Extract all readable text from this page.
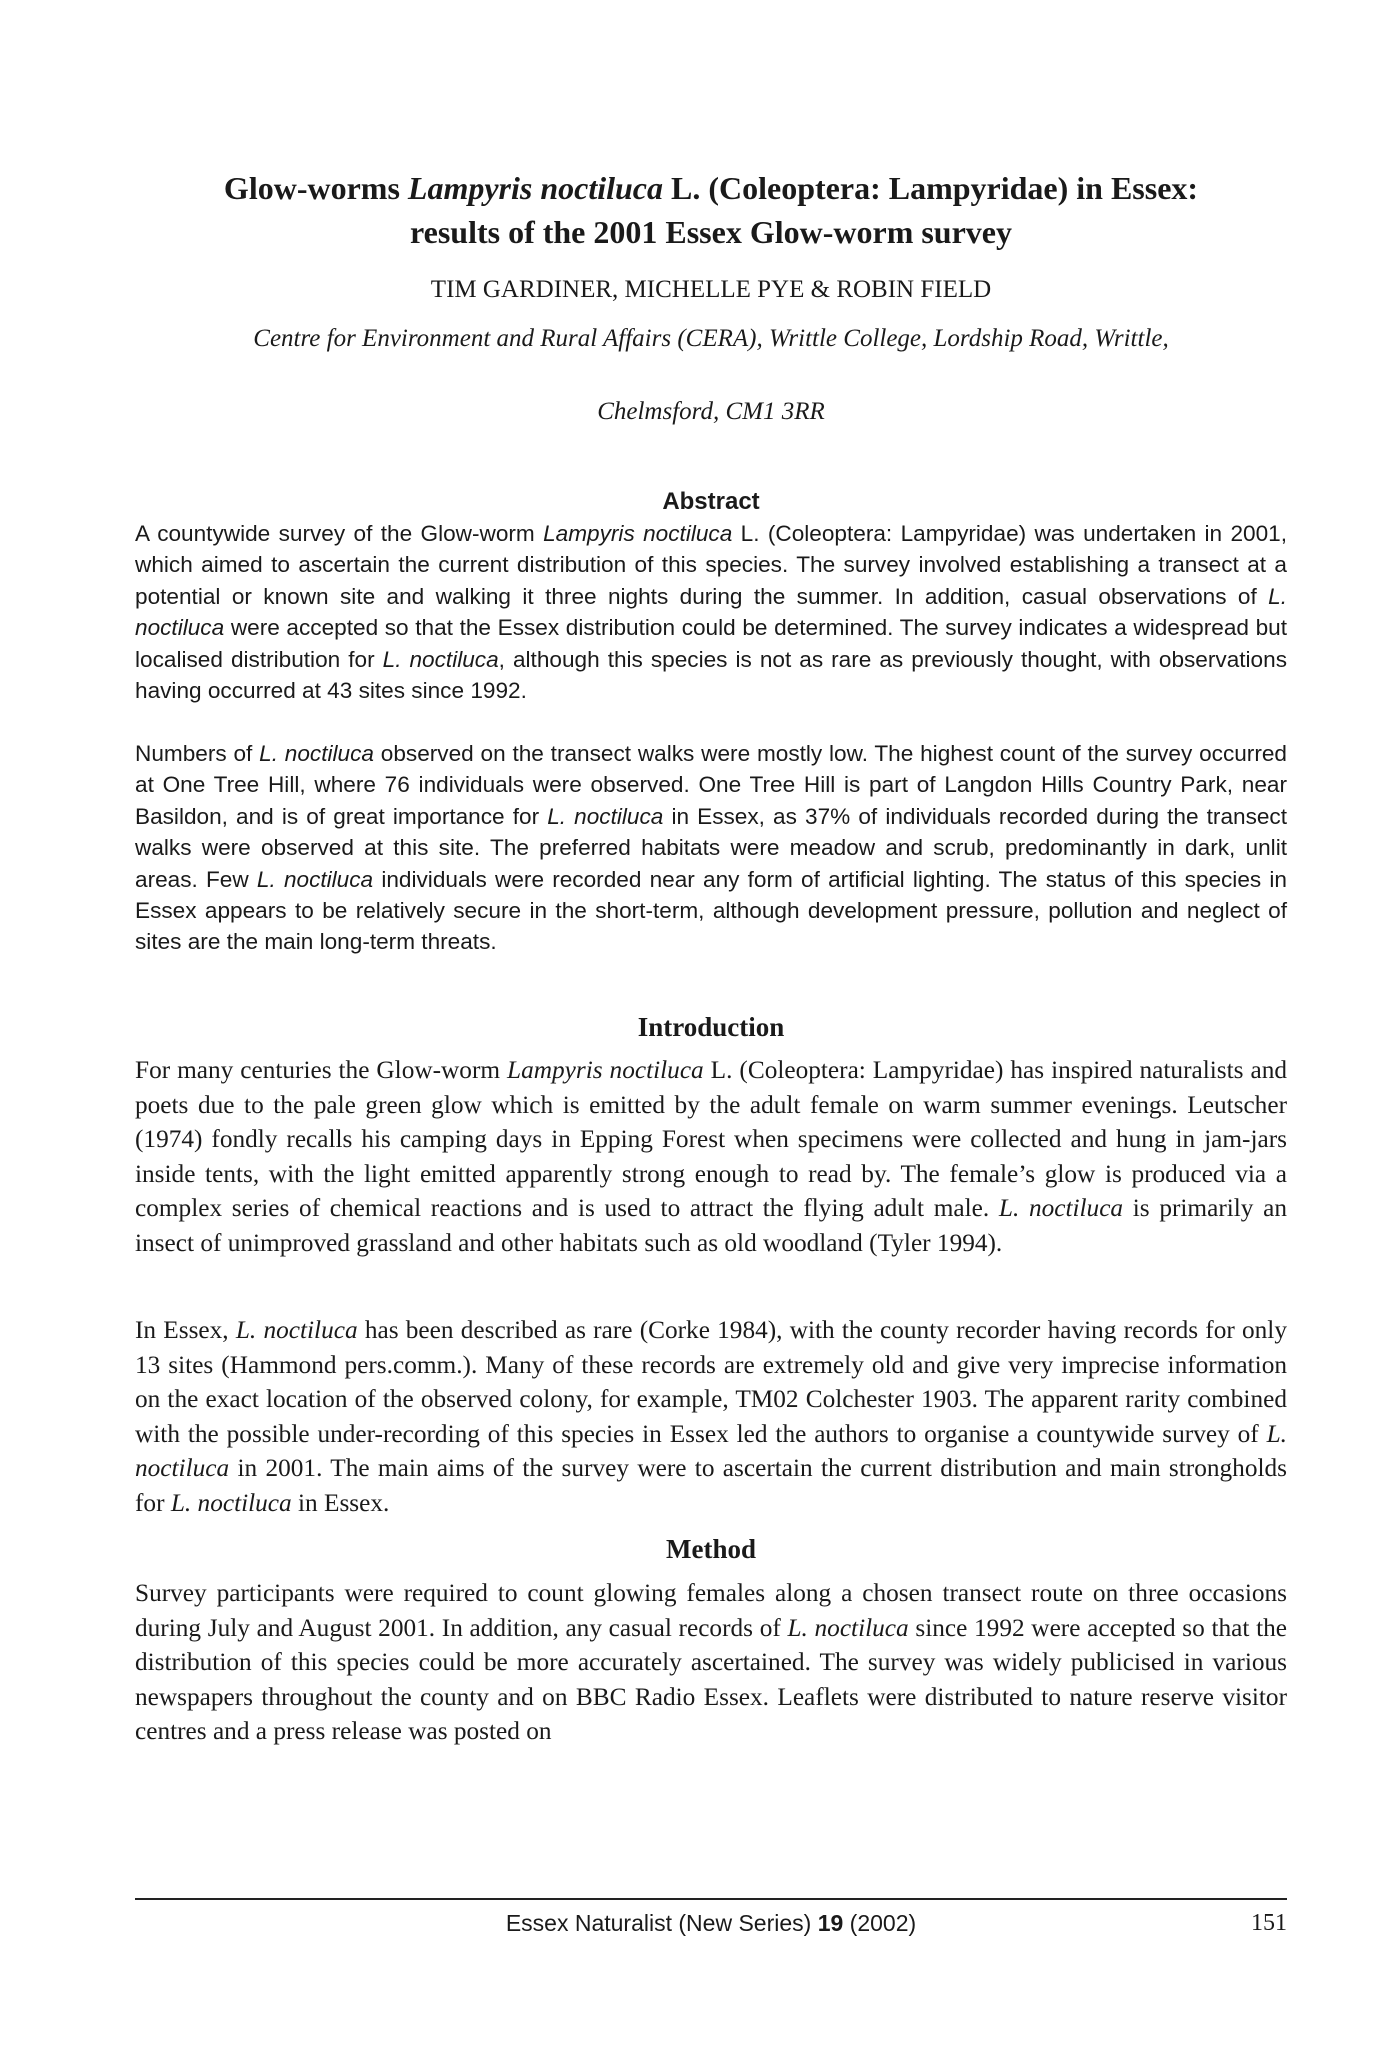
Glow-worms Lampyris noctiluca L. (Coleoptera: Lampyridae) in Essex:
results of the 2001 Essex Glow-worm survey
TIM GARDINER, MICHELLE PYE & ROBIN FIELD
Centre for Environment and Rural Affairs (CERA), Writtle College, Lordship Road, Writtle,
Chelmsford, CM1 3RR
Abstract

A countywide survey of the Glow-worm Lampyris noctiluca L. (Coleoptera: Lampyridae) was undertaken in 2001, which aimed to ascertain the current distribution of this species. The survey involved establishing a transect at a potential or known site and walking it three nights during the summer. In addition, casual observations of L. noctiluca were accepted so that the Essex distribution could be determined. The survey indicates a widespread but localised distribution for L. noctiluca, although this species is not as rare as previously thought, with observations having occurred at 43 sites since 1992.

Numbers of L. noctiluca observed on the transect walks were mostly low. The highest count of the survey occurred at One Tree Hill, where 76 individuals were observed. One Tree Hill is part of Langdon Hills Country Park, near Basildon, and is of great importance for L. noctiluca in Essex, as 37% of individuals recorded during the transect walks were observed at this site. The preferred habitats were meadow and scrub, predominantly in dark, unlit areas. Few L. noctiluca individuals were recorded near any form of artificial lighting. The status of this species in Essex appears to be relatively secure in the short-term, although development pressure, pollution and neglect of sites are the main long-term threats.

Introduction

For many centuries the Glow-worm Lampyris noctiluca L. (Coleoptera: Lampyridae) has inspired naturalists and poets due to the pale green glow which is emitted by the adult female on warm summer evenings. Leutscher (1974) fondly recalls his camping days in Epping Forest when specimens were collected and hung in jam-jars inside tents, with the light emitted apparently strong enough to read by. The female’s glow is produced via a complex series of chemical reactions and is used to attract the flying adult male. L. noctiluca is primarily an insect of unimproved grassland and other habitats such as old woodland (Tyler 1994).

In Essex, L. noctiluca has been described as rare (Corke 1984), with the county recorder having records for only 13 sites (Hammond pers.comm.). Many of these records are extremely old and give very imprecise information on the exact location of the observed colony, for example, TM02 Colchester 1903. The apparent rarity combined with the possible under-recording of this species in Essex led the authors to organise a countywide survey of L. noctiluca in 2001. The main aims of the survey were to ascertain the current distribution and main strongholds for L. noctiluca in Essex.

Method

Survey participants were required to count glowing females along a chosen transect route on three occasions during July and August 2001. In addition, any casual records of L. noctiluca since 1992 were accepted so that the distribution of this species could be more accurately ascertained. The survey was widely publicised in various newspapers throughout the county and on BBC Radio Essex. Leaflets were distributed to nature reserve visitor centres and a press release was posted on

Essex Naturalist (New Series) 19 (2002)	151
